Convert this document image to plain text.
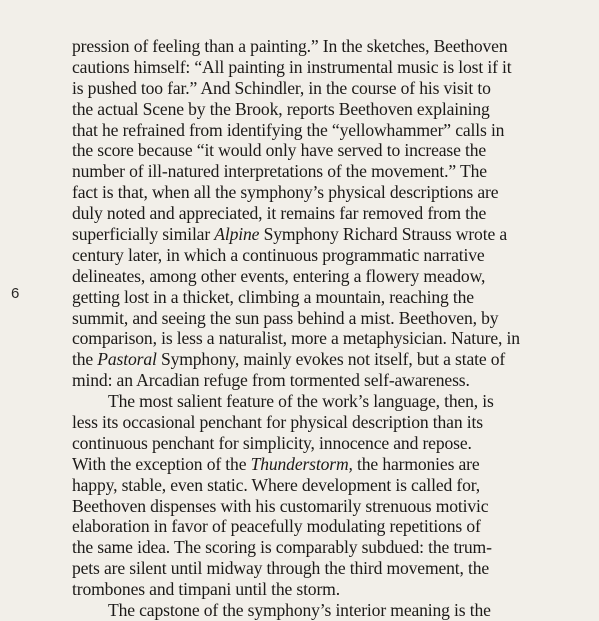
6
pression of feeling than a painting.” In the sketches, Beethoven
cautions himself: “All painting in instrumental music is lost if it
is pushed too far.” And Schindler, in the course of his visit to
the actual Scene by the Brook, reports Beethoven explaining
that he refrained from identifying the “yellowhammer” calls in
the score because “it would only have served to increase the
number of ill-natured interpretations of the movement.” The
fact is that, when all the symphony’s physical descriptions are
duly noted and appreciated, it remains far removed from the
superficially similar Alpine Symphony Richard Strauss wrote a
century later, in which a continuous programmatic narrative
delineates, among other events, entering a flowery meadow,
getting lost in a thicket, climbing a mountain, reaching the
summit, and seeing the sun pass behind a mist. Beethoven, by
comparison, is less a naturalist, more a metaphysician. Nature, in
the Pastoral Symphony, mainly evokes not itself, but a state of
mind: an Arcadian refuge from tormented self-awareness.
The most salient feature of the work’s language, then, is
less its occasional penchant for physical description than its
continuous penchant for simplicity, innocence and repose.
With the exception of the Thunderstorm, the harmonies are
happy, stable, even static. Where development is called for,
Beethoven dispenses with his customarily strenuous motivic
elaboration in favor of peacefully modulating repetitions of
the same idea. The scoring is comparably subdued: the trum-
pets are silent until midway through the third movement, the
trombones and timpani until the storm.
The capstone of the symphony’s interior meaning is the
